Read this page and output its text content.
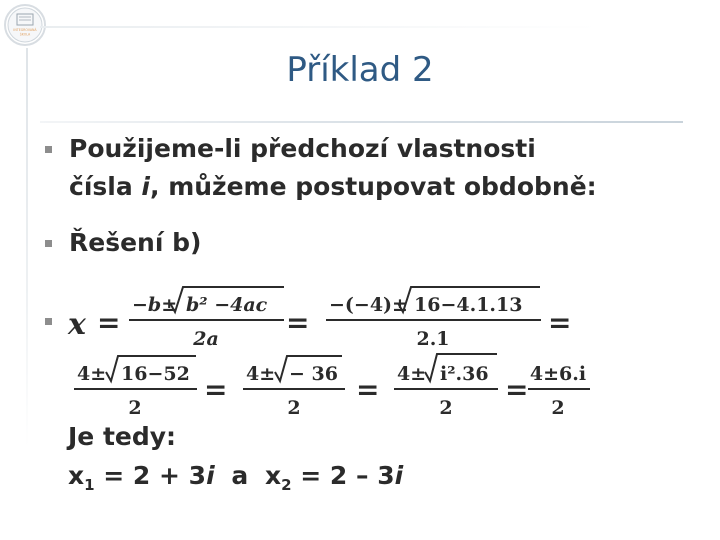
INTEGROVANÁ
ŠKOLA
Příklad 2
Použijeme-li předchozí vlastnosti
čísla i, můžeme postupovat obdobně:
Řešení b)
x =
−b± b² −4ac
2a =
−(−4)± 16−4.1.13
2.1	=
4± 16−52
2
= 4± − 36
2
= 4± i².36
2
= 4±6.i
2
Je tedy:
$x_1 = 2 + 3i$ a $x_2 = 2 - 3i$
